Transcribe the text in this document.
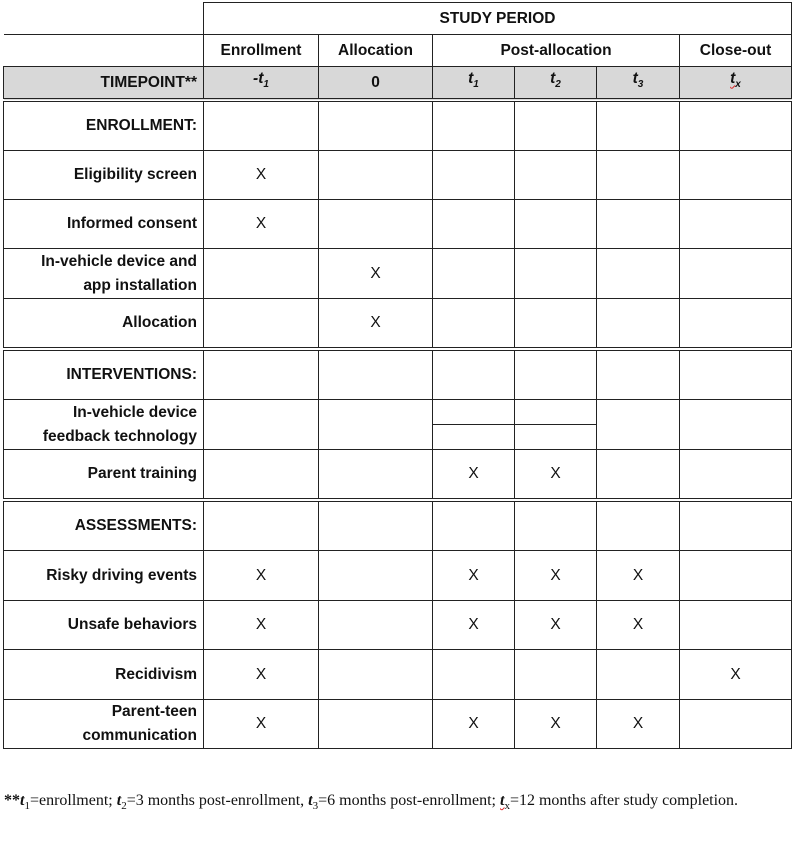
	STUDY PERIOD					
	Enrollment	Allocation	Post-allocation			Close-out
TIMEPOINT**	$-t_1$	0	$t_1$	$t_2$	$t_3$	$t_x$
ENROLLMENT:						
Eligibility screen	X					
Informed consent	X					
In-vehicle device and
app installation		X				
Allocation		X				
INTERVENTIONS:						
In-vehicle device
feedback technology			

Parent training			X	X		
ASSESSMENTS:						
Risky driving events	X		X	X	X	
Unsafe behaviors	X		X	X	X	
Recidivism	X					X
Parent-teen
communication	X		X	X	X	
$**t_1=enrollment$; $t_2=3$ months post-enrollment, $t_3=6$ months post-enrollment; $t_x=12$ months after study completion.
